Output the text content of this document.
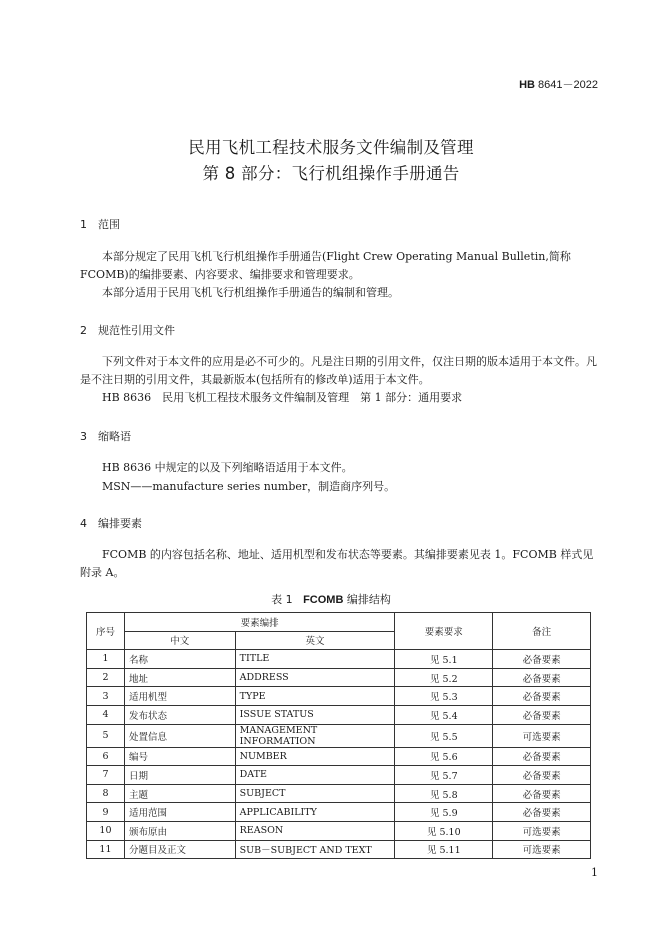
HB 8641－2022
民用飞机工程技术服务文件编制及管理
第 8 部分：飞行机组操作手册通告
1 范围
本部分规定了民用飞机飞行机组操作手册通告(Flight Crew Operating Manual Bulletin,简称 FCOMB)的编排要素、内容要求、编排要求和管理要求。
本部分适用于民用飞机飞行机组操作手册通告的编制和管理。
2 规范性引用文件
下列文件对于本文件的应用是必不可少的。凡是注日期的引用文件，仅注日期的版本适用于本文件。凡是不注日期的引用文件，其最新版本(包括所有的修改单)适用于本文件。
HB 8636　民用飞机工程技术服务文件编制及管理　第 1 部分：通用要求
3 缩略语
HB 8636 中规定的以及下列缩略语适用于本文件。
MSN——manufacture series number，制造商序列号。
4 编排要素
FCOMB 的内容包括名称、地址、适用机型和发布状态等要素。其编排要素见表 1。FCOMB 样式见附录 A。
表 1 FCOMB 编排结构
序号	要素编排		要素要求	备注
	中文	英文		
1	名称	TITLE	见 5.1	必备要素
2	地址	ADDRESS	见 5.2	必备要素
3	适用机型	TYPE	见 5.3	必备要素
4	发布状态	ISSUE STATUS	见 5.4	必备要素
5	处置信息	MANAGEMENT INFORMATION	见 5.5	可选要素
6	编号	NUMBER	见 5.6	必备要素
7	日期	DATE	见 5.7	必备要素
8	主题	SUBJECT	见 5.8	必备要素
9	适用范围	APPLICABILITY	见 5.9	必备要素
10	颁布原由	REASON	见 5.10	可选要素
11	分题目及正文	SUB－SUBJECT AND TEXT	见 5.11	可选要素
1
